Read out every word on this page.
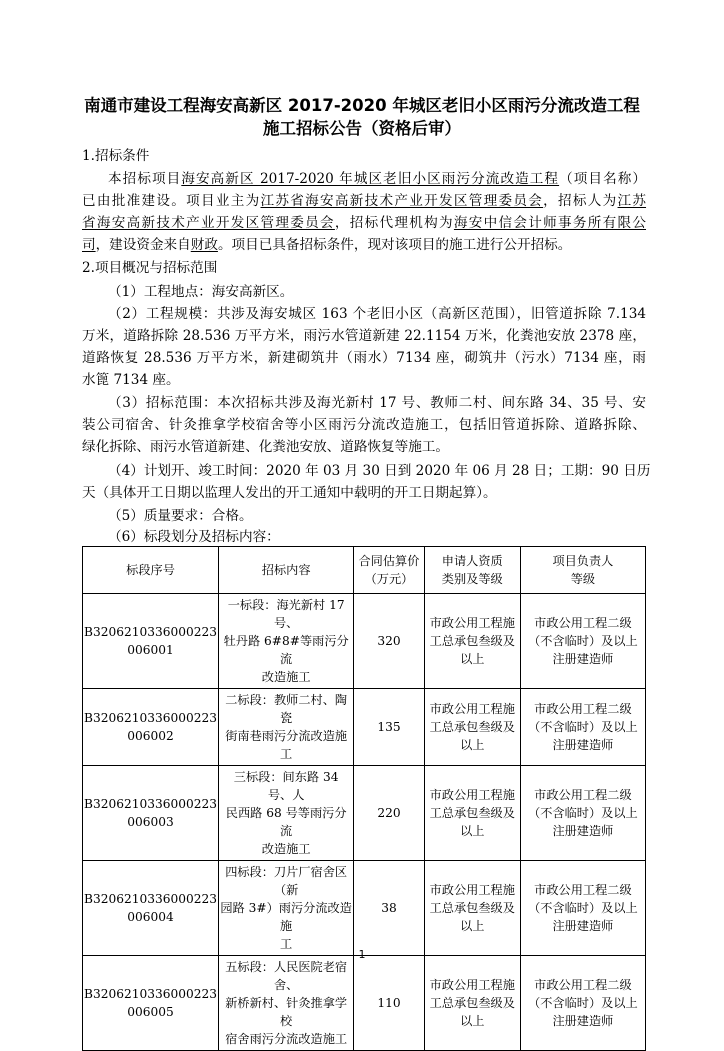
南通市建设工程海安高新区 2017-2020 年城区老旧小区雨污分流改造工程
施工招标公告（资格后审）
1.招标条件
本招标项目海安高新区 2017-2020 年城区老旧小区雨污分流改造工程（项目名称）
已由批准建设。项目业主为江苏省海安高新技术产业开发区管理委员会，招标人为江苏
省海安高新技术产业开发区管理委员会，招标代理机构为海安中信会计师事务所有限公
司，建设资金来自财政。项目已具备招标条件，现对该项目的施工进行公开招标。
2.项目概况与招标范围
（1）工程地点：海安高新区。
（2）工程规模：共涉及海安城区 163 个老旧小区（高新区范围），旧管道拆除 7.134
万米，道路拆除 28.536 万平方米，雨污水管道新建 22.1154 万米，化粪池安放 2378 座，
道路恢复 28.536 万平方米，新建砌筑井（雨水）7134 座，砌筑井（污水）7134 座，雨
水篦 7134 座。
（3）招标范围：本次招标共涉及海光新村 17 号、教师二村、间东路 34、35 号、安
装公司宿舍、针灸推拿学校宿舍等小区雨污分流改造施工，包括旧管道拆除、道路拆除、
绿化拆除、雨污水管道新建、化粪池安放、道路恢复等施工。
（4）计划开、竣工时间：2020 年 03 月 30 日到 2020 年 06 月 28 日；工期：90 日历
天（具体开工日期以监理人发出的开工通知中载明的开工日期起算）。
（5）质量要求：合格。
（6）标段划分及招标内容：
标段序号	招标内容	合同估算价
（万元）	申请人资质
类别及等级	项目负责人
等级
B3206210336000223
006001	一标段：海光新村 17 号、
牡丹路 6#8#等雨污分流
改造施工	320	市政公用工程施
工总承包叁级及
以上	市政公用工程二级
（不含临时）及以上
注册建造师
B3206210336000223
006002	二标段：教师二村、陶瓷
街南巷雨污分流改造施工	135	市政公用工程施
工总承包叁级及
以上	市政公用工程二级
（不含临时）及以上
注册建造师
B3206210336000223
006003	三标段：间东路 34 号、人
民西路 68 号等雨污分流
改造施工	220	市政公用工程施
工总承包叁级及
以上	市政公用工程二级
（不含临时）及以上
注册建造师
B3206210336000223
006004	四标段：刀片厂宿舍区（新
园路 3#）雨污分流改造施
工	38	市政公用工程施
工总承包叁级及
以上	市政公用工程二级
（不含临时）及以上
注册建造师
B3206210336000223
006005	五标段：人民医院老宿舍、
新桥新村、针灸推拿学校
宿舍雨污分流改造施工	110	市政公用工程施
工总承包叁级及
以上	市政公用工程二级
（不含临时）及以上
注册建造师
1
